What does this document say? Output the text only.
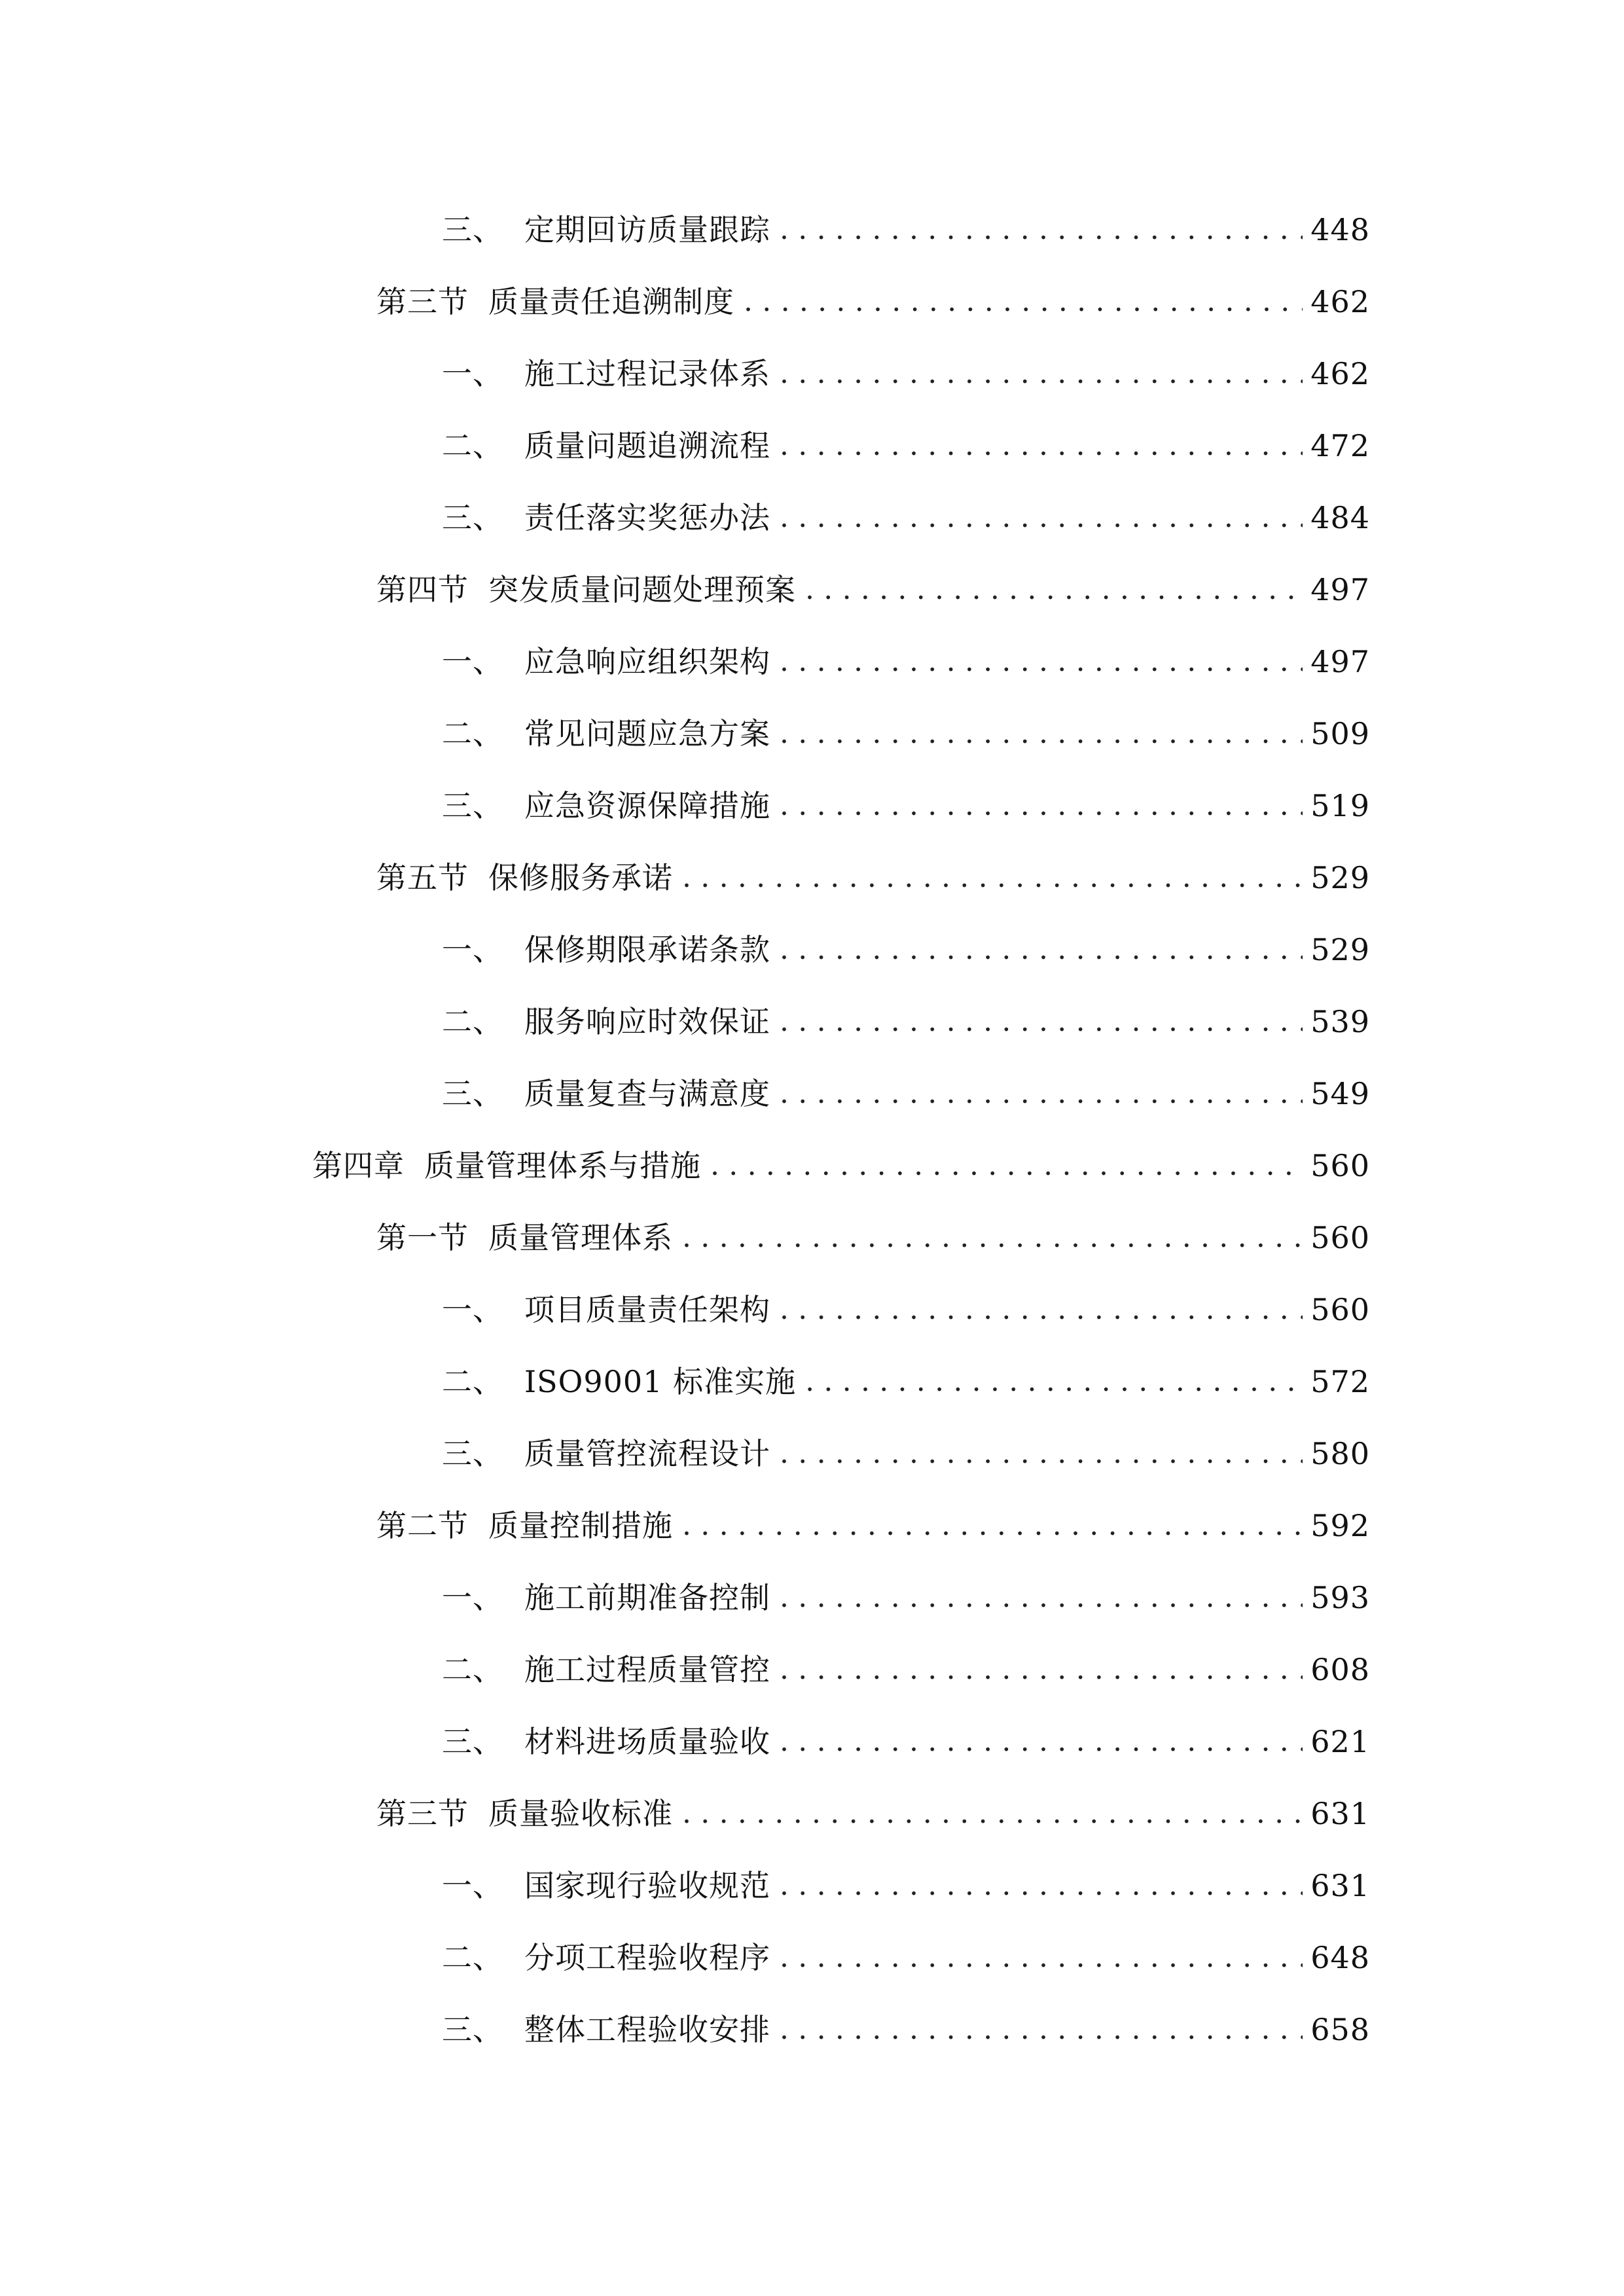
三、 定期回访质量跟踪 .....	448
第三节 质量责任追溯制度 .....	462
一、 施工过程记录体系 .....	462
二、 质量问题追溯流程 .....	472
三、 责任落实奖惩办法 .....	484
第四节 突发质量问题处理预案 .....	497
一、 应急响应组织架构 .....	497
二、 常见问题应急方案 .....	509
三、 应急资源保障措施 .....	519
第五节 保修服务承诺 .....	529
一、 保修期限承诺条款 .....	529
二、 服务响应时效保证 .....	539
三、 质量复查与满意度 .....	549
第四章 质量管理体系与措施 .....	560
第一节 质量管理体系 .....	560
一、 项目质量责任架构 .....	560
二、 ISO9001 标准实施 .....	572
三、 质量管控流程设计 .....	580
第二节 质量控制措施 .....	592
一、 施工前期准备控制 .....	593
二、 施工过程质量管控 .....	608
三、 材料进场质量验收 .....	621
第三节 质量验收标准 .....	631
一、 国家现行验收规范 .....	631
二、 分项工程验收程序 .....	648
三、 整体工程验收安排 .....	658
